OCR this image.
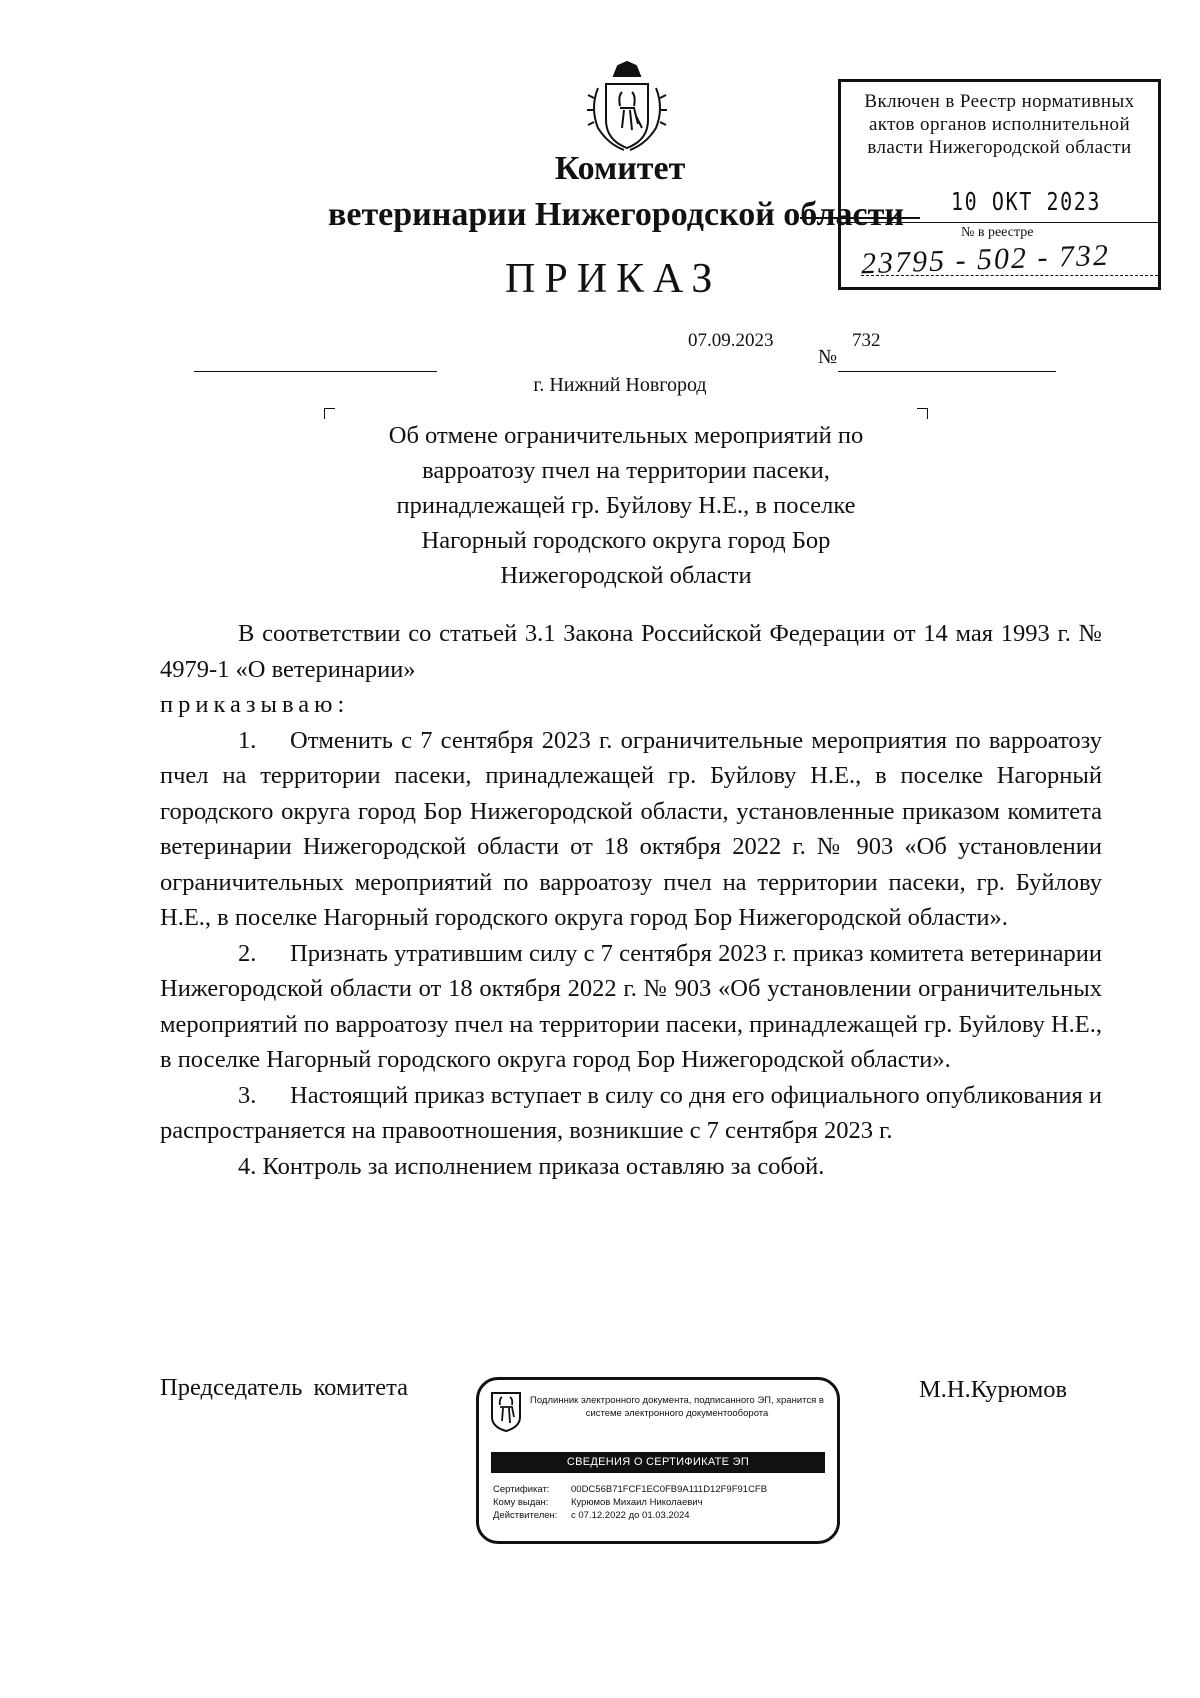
Комитет
ветеринарии Нижегородской области
ПРИКАЗ
Включен в Реестр нормативных актов органов исполнительной власти Нижегородской области
10 ОКТ 2023
№ в реестре
23795 - 502 - 732
07.09.2023
№
732
г. Нижний Новгород
Об отмене ограничительных мероприятий по
варроатозу пчел на территории пасеки,
принадлежащей гр. Буйлову Н.Е., в поселке
Нагорный городского округа город Бор
Нижегородской области

В соответствии со статьей 3.1 Закона Российской Федерации от 14 мая 1993 г. № 4979-1 «О ветеринарии»

приказываю:

1. Отменить с 7 сентября 2023 г. ограничительные мероприятия по варроатозу пчел на территории пасеки, принадлежащей гр. Буйлову Н.Е., в поселке Нагорный городского округа город Бор Нижегородской области, установленные приказом комитета ветеринарии Нижегородской области от 18 октября 2022 г. № 903 «Об установлении ограничительных мероприятий по варроатозу пчел на территории пасеки, гр. Буйлову Н.Е., в поселке Нагорный городского округа город Бор Нижегородской области».

2. Признать утратившим силу с 7 сентября 2023 г. приказ комитета ветеринарии Нижегородской области от 18 октября 2022 г. № 903 «Об установлении ограничительных мероприятий по варроатозу пчел на территории пасеки, принадлежащей гр. Буйлову Н.Е., в поселке Нагорный городского округа город Бор Нижегородской области».

3. Настоящий приказ вступает в силу со дня его официального опубликования и распространяется на правоотношения, возникшие с 7 сентября 2023 г.

4. Контроль за исполнением приказа оставляю за собой.

Председатель комитета	М.Н.Курюмов
Подлинник электронного документа, подписанного ЭП, хранится в системе электронного документооборота
СВЕДЕНИЯ О СЕРТИФИКАТЕ ЭП
Сертификат: 00DC56B71FCF1EC0FB9A111D12F9F91CFB
Кому выдан: Курюмов Михаил Николаевич
Действителен: с 07.12.2022 до 01.03.2024
